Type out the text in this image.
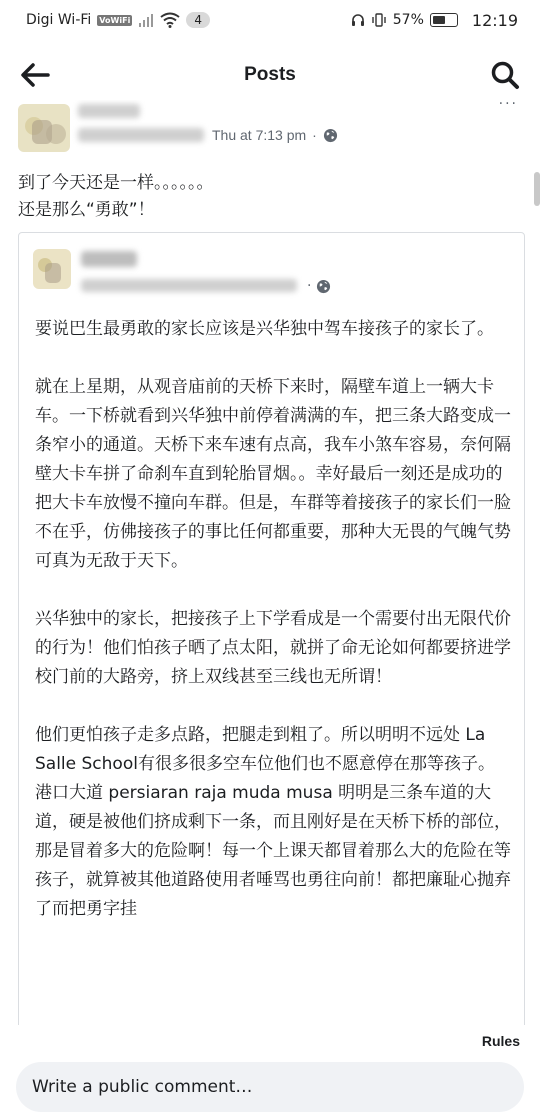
Digi Wi-Fi VoWiFi	4	57%	12:19
Posts
Thu at 7:13 pm ·
···
到了今天还是一样。。。。。。
还是那么“勇敢”！
·

要说巴生最勇敢的家长应该是兴华独中驾车接孩子的家长了。

就在上星期，从观音庙前的天桥下来时，隔壁车道上一辆大卡车。一下桥就看到兴华独中前停着满满的车，把三条大路变成一条窄小的通道。天桥下来车速有点高，我车小煞车容易，奈何隔壁大卡车拼了命刹车直到轮胎冒烟。。幸好最后一刻还是成功的把大卡车放慢不撞向车群。但是，车群等着接孩子的家长们一脸不在乎，仿佛接孩子的事比任何都重要，那种大无畏的气魄气势可真为无敌于天下。

兴华独中的家长，把接孩子上下学看成是一个需要付出无限代价的行为！他们怕孩子晒了点太阳，就拼了命无论如何都要挤进学校门前的大路旁，挤上双线甚至三线也无所谓！

他们更怕孩子走多点路，把腿走到粗了。所以明明不远处 La Salle School有很多很多空车位他们也不愿意停在那等孩子。

港口大道 persiaran raja muda musa 明明是三条车道的大道，硬是被他们挤成剩下一条，而且刚好是在天桥下桥的部位，那是冒着多大的危险啊！每一个上课天都冒着那么大的危险在等孩子，就算被其他道路使用者唾骂也勇往向前！都把廉耻心抛弃了而把勇字挂

Rules
Write a public comment…
